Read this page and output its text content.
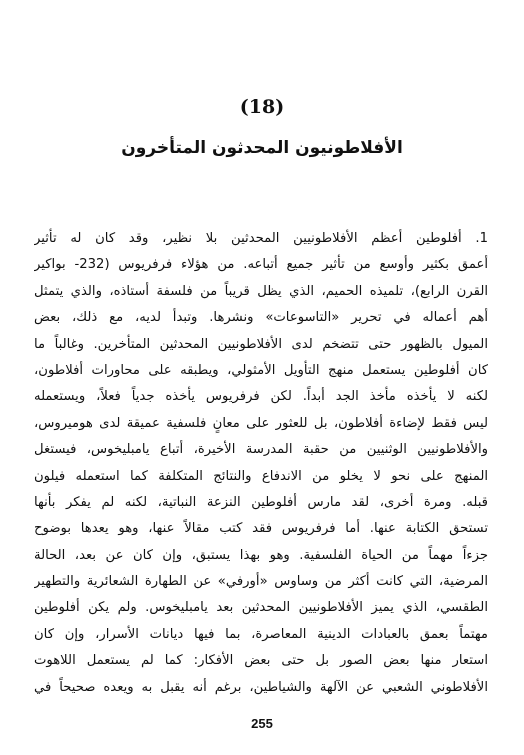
(18)
الأفلاطونيون المحدثون المتأخرون
1. أفلوطين أعظم الأفلاطونيين المحدثين بلا نظير، وقد كان له تأثير
أعمق بكثير وأوسع من تأثير جميع أتباعه. من هؤلاء فرفريوس (232- بواكير
القرن الرابع)، تلميذه الحميم، الذي يظل قريباً من فلسفة أستاذه، والذي يتمثل
أهم أعماله في تحرير «التاسوعات» ونشرها. وتبدأ لديه، مع ذلك، بعض
الميول بالظهور حتى تتضخم لدى الأفلاطونيين المحدثين المتأخرين. وغالباً ما
كان أفلوطين يستعمل منهج التأويل الأمثولي، ويطبقه على محاورات أفلاطون،
لكنه لا يأخذه مأخذ الجد أبداً. لكن فرفريوس يأخذه جدياً فعلاً، ويستعمله
ليس فقط لإضاءة أفلاطون، بل للعثور على معانٍ فلسفية عميقة لدى هوميروس،
والأفلاطونيين الوثنيين من حقبة المدرسة الأخيرة، أتباع يامبليخوس، فيستغل
المنهج على نحو لا يخلو من الاندفاع والنتائج المتكلفة كما استعمله فيلون
قبله. ومرة أخرى، لقد مارس أفلوطين النزعة النباتية، لكنه لم يفكر بأنها
تستحق الكتابة عنها. أما فرفريوس فقد كتب مقالاً عنها، وهو يعدها بوضوح
جزءاً مهماً من الحياة الفلسفية. وهو بهذا يستبق، وإن كان عن بعد، الحالة
المرضية، التي كانت أكثر من وساوس «أورفي» عن الطهارة الشعائرية والتطهير
الطقسي، الذي يميز الأفلاطونيين المحدثين بعد يامبليخوس. ولم يكن أفلوطين
مهتماً بعمق بالعبادات الدينية المعاصرة، بما فيها ديانات الأسرار، وإن كان
استعار منها بعض الصور بل حتى بعض الأفكار: كما لم يستعمل اللاهوت
الأفلاطوني الشعبي عن الآلهة والشياطين، برغم أنه يقبل به ويعده صحيحاً في
255
